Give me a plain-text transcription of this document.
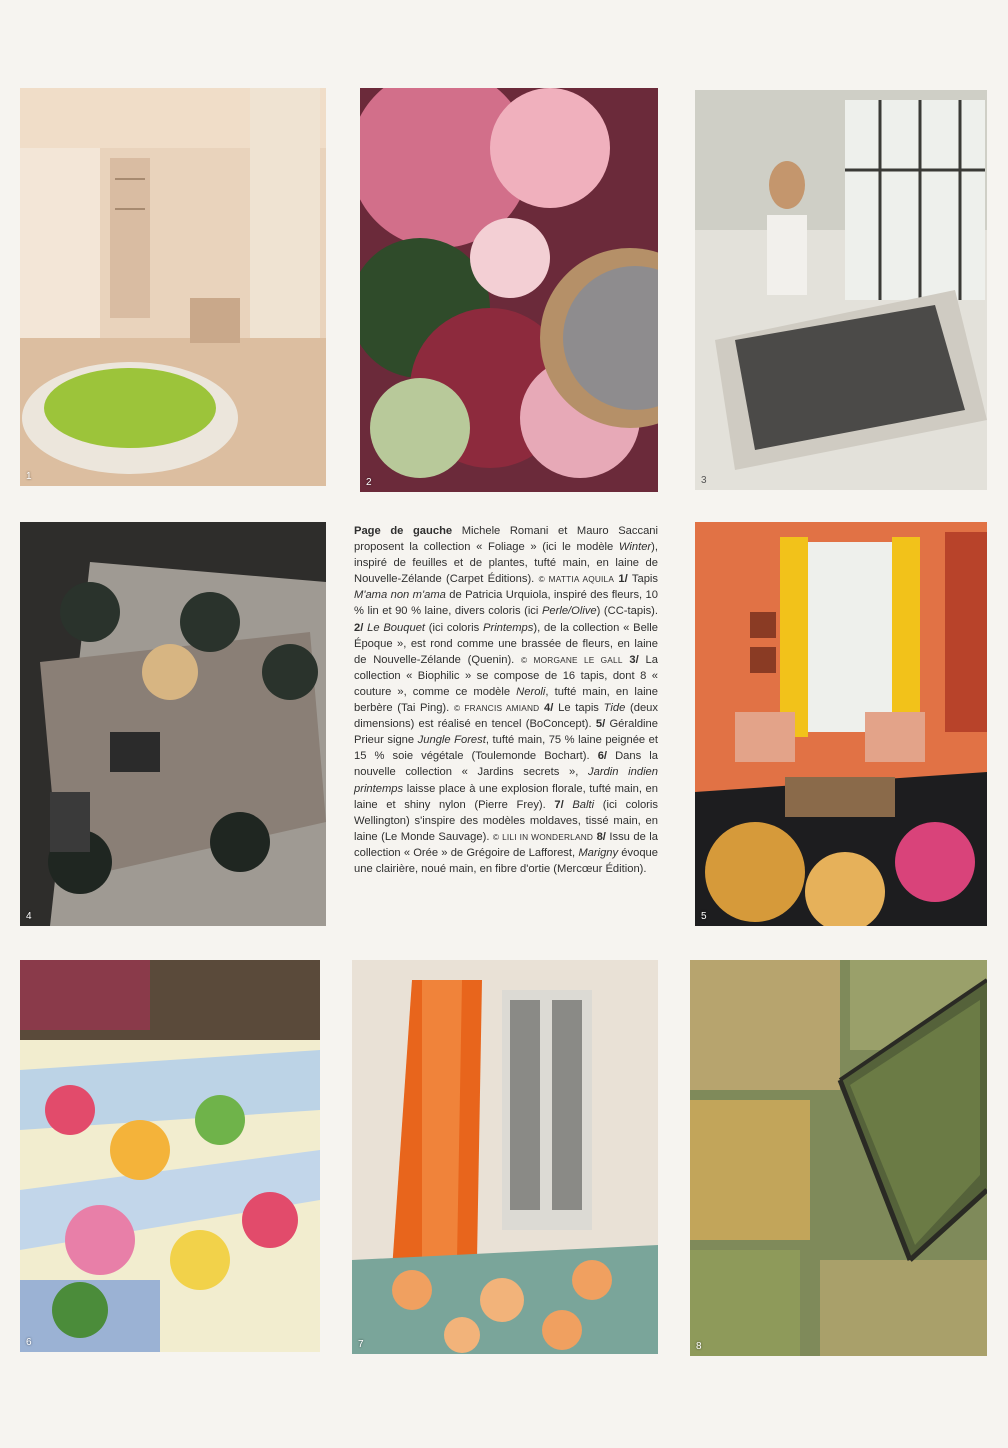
1
2	3
4	5
6	7	8
Page de gauche Michele Romani et Mauro Saccani proposent la collection « Foliage » (ici le modèle Winter), inspiré de feuilles et de plantes, tufté main, en laine de Nouvelle-Zélande (Carpet Éditions). © MATTIA AQUILA 1/ Tapis M'ama non m'ama de Patricia Urquiola, inspiré des fleurs, 10 % lin et 90 % laine, divers coloris (ici Perle/Olive) (CC-tapis). 2/ Le Bouquet (ici coloris Printemps), de la collection « Belle Époque », est rond comme une brassée de fleurs, en laine de Nouvelle-Zélande (Quenin). © MORGANE LE GALL 3/ La collection « Biophilic » se compose de 16 tapis, dont 8 « couture », comme ce modèle Neroli, tufté main, en laine berbère (Tai Ping). © FRANCIS AMIAND 4/ Le tapis Tide (deux dimensions) est réalisé en tencel (BoConcept). 5/ Géraldine Prieur signe Jungle Forest, tufté main, 75 % laine peignée et 15 % soie végétale (Toulemonde Bochart). 6/ Dans la nouvelle collection « Jardins secrets », Jardin indien printemps laisse place à une explosion florale, tufté main, en laine et shiny nylon (Pierre Frey). 7/ Balti (ici coloris Wellington) s'inspire des modèles moldaves, tissé main, en laine (Le Monde Sauvage). © LILI IN WONDERLAND 8/ Issu de la collection « Orée » de Grégoire de Lafforest, Marigny évoque une clairière, noué main, en fibre d'ortie (Mercœur Édition).
